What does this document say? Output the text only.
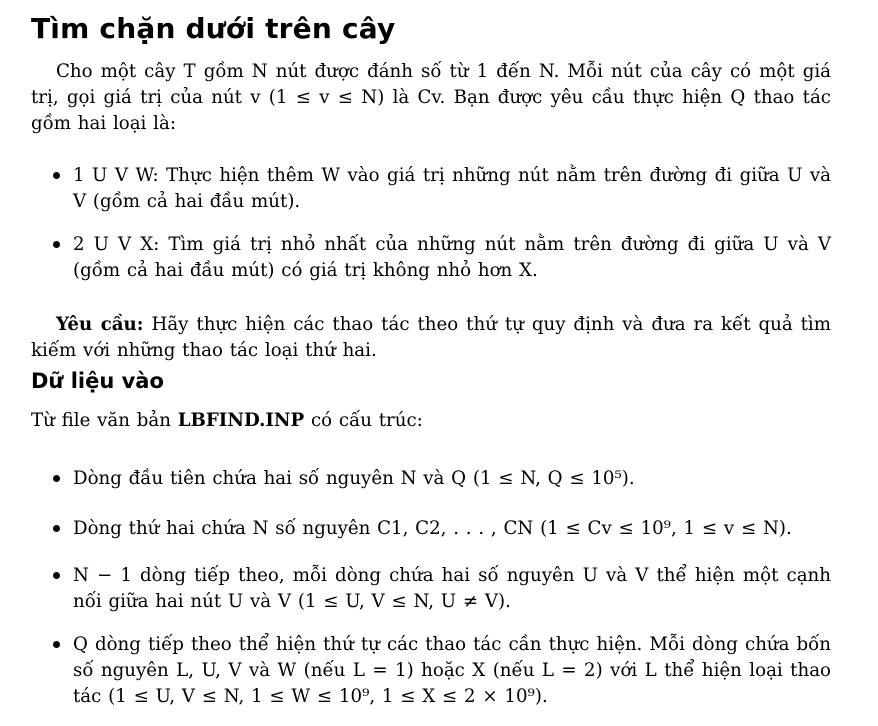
Tìm chặn dưới trên cây

Cho một cây T gồm N nút được đánh số từ 1 đến N. Mỗi nút của cây có một giá trị, gọi giá trị của nút v (1 ≤ v ≤ N) là Cv. Bạn được yêu cầu thực hiện Q thao tác gồm hai loại là:

1 U V W: Thực hiện thêm W vào giá trị những nút nằm trên đường đi giữa U và V (gồm cả hai đầu mút).
2 U V X: Tìm giá trị nhỏ nhất của những nút nằm trên đường đi giữa U và V (gồm cả hai đầu mút) có giá trị không nhỏ hơn X.

Yêu cầu: Hãy thực hiện các thao tác theo thứ tự quy định và đưa ra kết quả tìm kiếm với những thao tác loại thứ hai.

Dữ liệu vào

Từ file văn bản LBFIND.INP có cấu trúc:

Dòng đầu tiên chứa hai số nguyên N và Q (1 ≤ N, Q ≤ 10⁵).
Dòng thứ hai chứa N số nguyên C1, C2, . . . , CN (1 ≤ Cv ≤ 10⁹, 1 ≤ v ≤ N).
N − 1 dòng tiếp theo, mỗi dòng chứa hai số nguyên U và V thể hiện một cạnh nối giữa hai nút U và V (1 ≤ U, V ≤ N, U ≠ V).
Q dòng tiếp theo thể hiện thứ tự các thao tác cần thực hiện. Mỗi dòng chứa bốn số nguyên L, U, V và W (nếu L = 1) hoặc X (nếu L = 2) với L thể hiện loại thao tác (1 ≤ U, V ≤ N, 1 ≤ W ≤ 10⁹, 1 ≤ X ≤ 2 × 10⁹).
